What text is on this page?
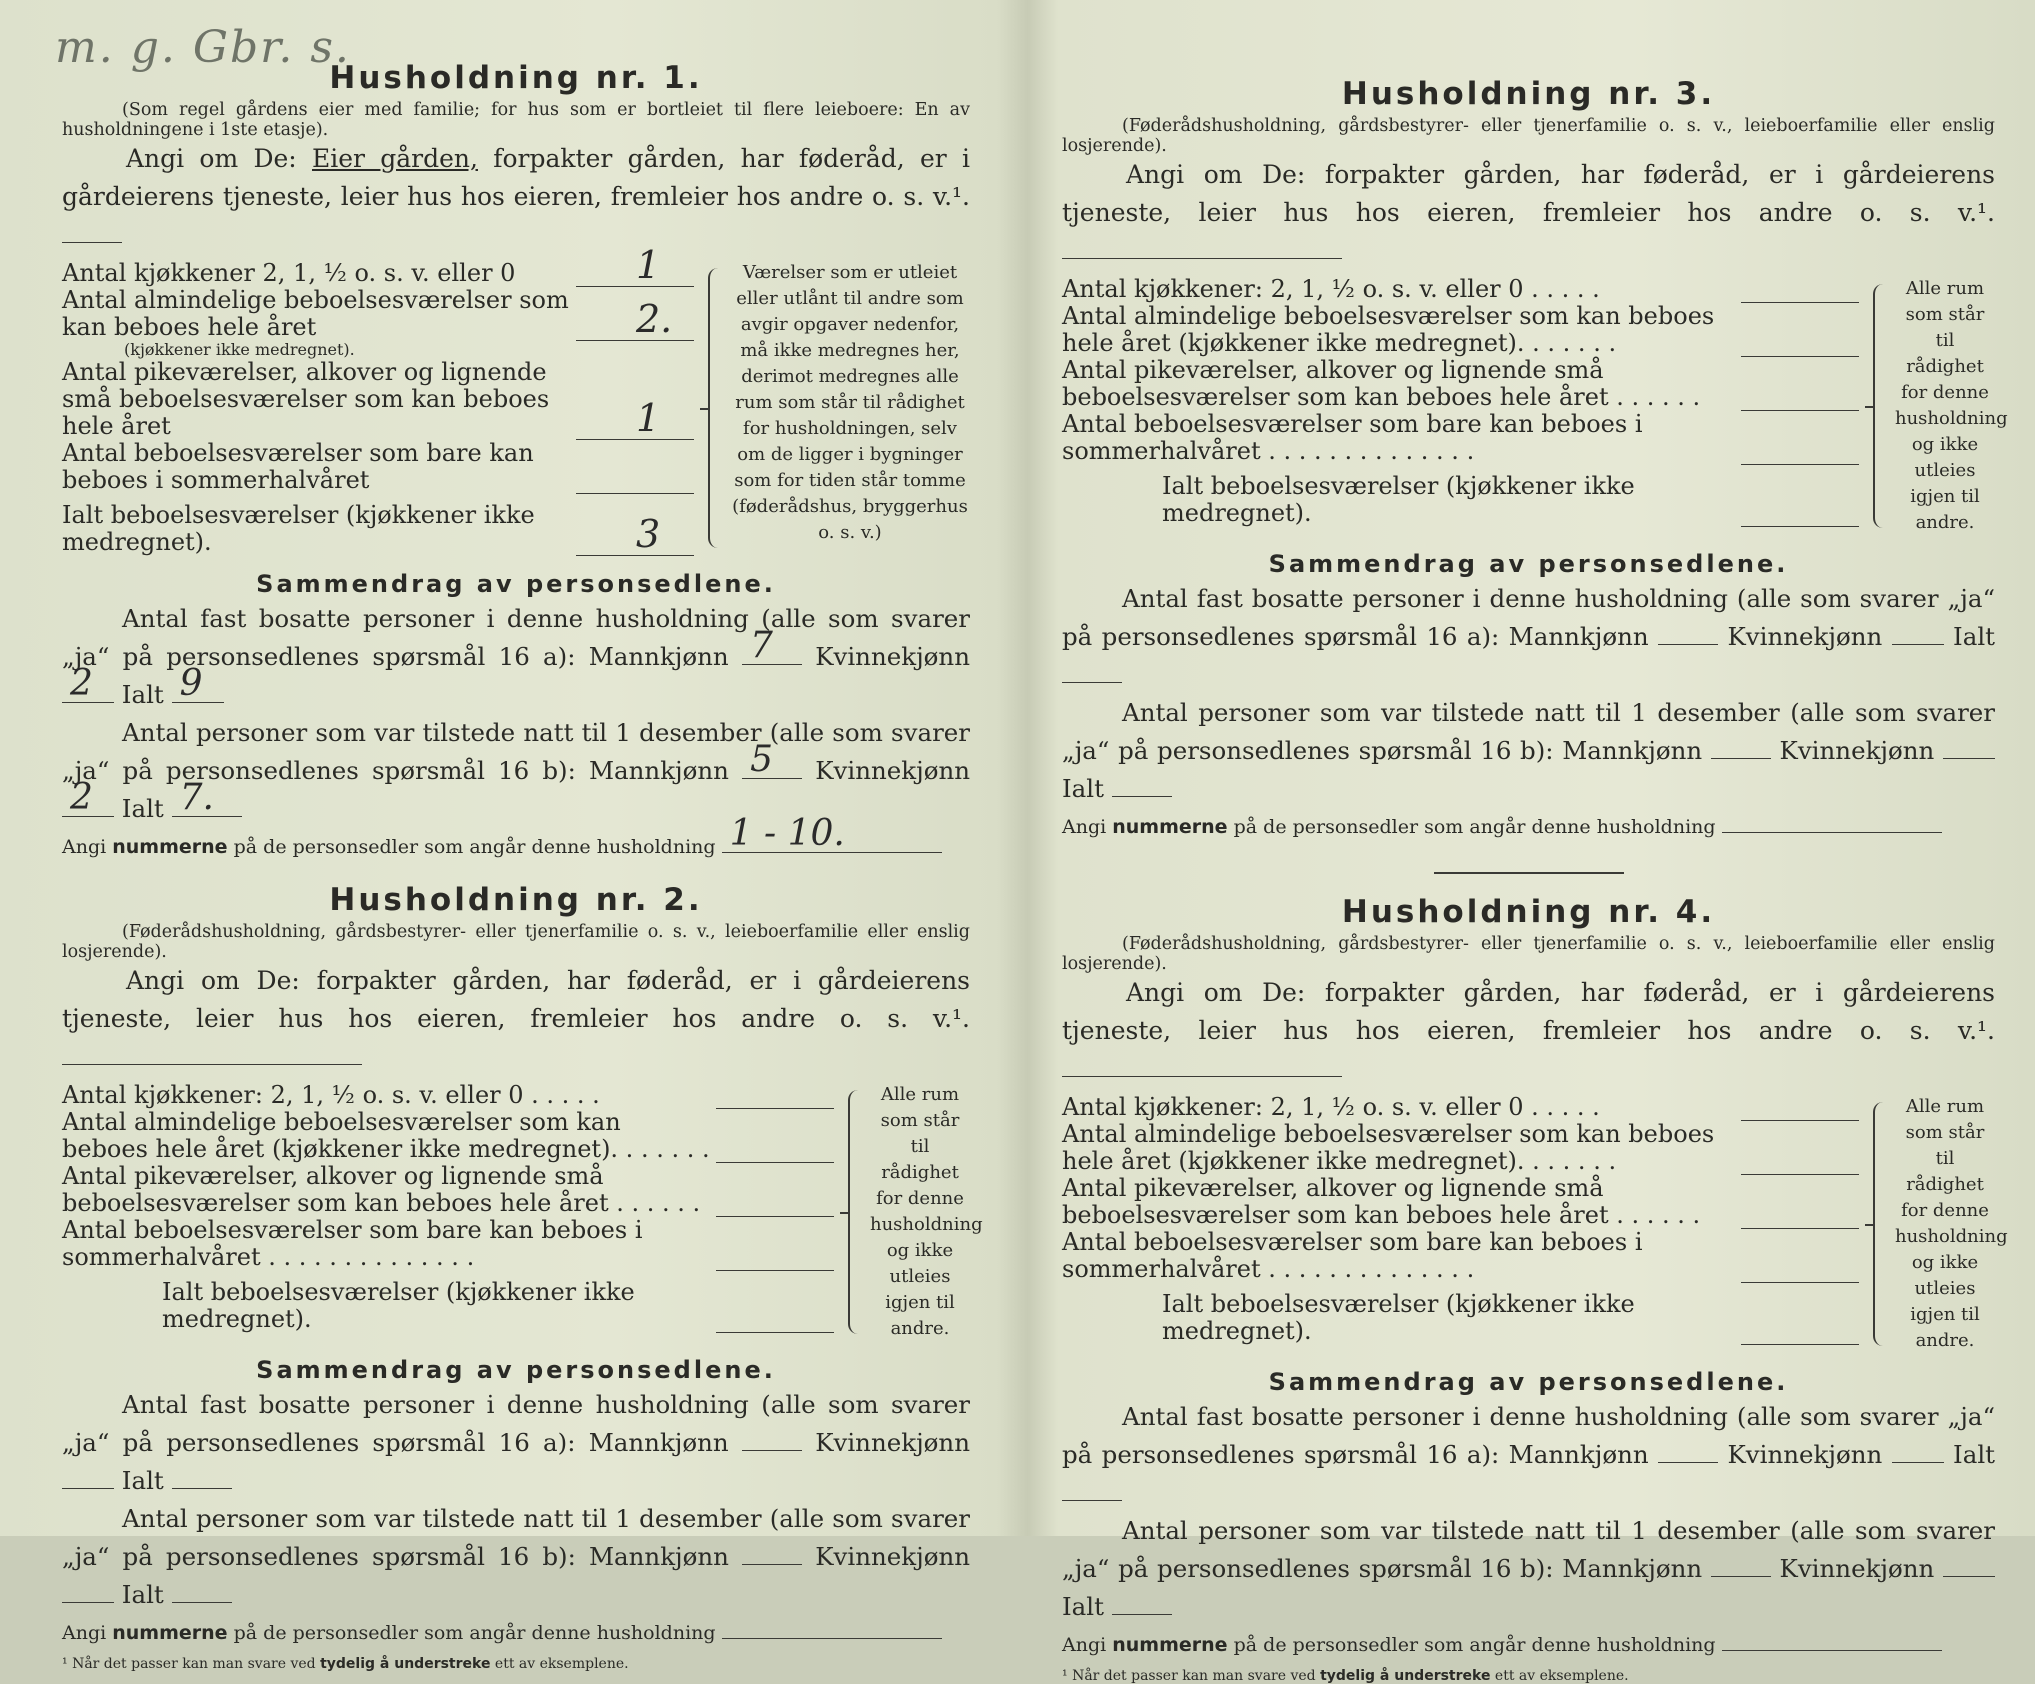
m. g. Gbr. s.
Husholdning nr. 1.
(Som regel gårdens eier med familie; for hus som er bortleiet til flere leieboere: En av husholdningene i 1ste etasje).
Angi om De: Eier gården, forpakter gården, har føderåd, er i gårdeierens tjeneste, leier hus hos eieren, fremleier hos andre o. s. v.¹.
Antal kjøkkener 2, 1, ½ o. s. v. eller 0	1
Antal almindelige beboelsesværelser som kan beboes hele året	2.
(kjøkkener ikke medregnet).
Antal pikeværelser, alkover og lignende små beboelsesværelser som kan beboes hele året	1
Antal beboelsesværelser som bare kan beboes i sommerhalvåret
Ialt beboelsesværelser (kjøkkener ikke medregnet).	3
Værelser som er utleiet eller utlånt til andre som avgir opgaver nedenfor, må ikke medregnes her, derimot medregnes alle rum som står til rådighet for husholdningen, selv om de ligger i bygninger som for tiden står tomme (føderådshus, bryggerhus o. s. v.)
Sammendrag av personsedlene.
Antal fast bosatte personer i denne husholdning (alle som svarer „ja“ på personsedlenes spørsmål 16 a): Mannkjønn 7 Kvinnekjønn
2 Ialt 9
Antal personer som var tilstede natt til 1 desember (alle som svarer „ja“ på personsedlenes spørsmål 16 b): Mannkjønn 5 Kvinnekjønn
2 Ialt 7.
Angi nummerne på de personsedler som angår denne husholdning 1 - 10.
Husholdning nr. 2.
(Føderådshusholdning, gårdsbestyrer- eller tjenerfamilie o. s. v., leieboerfamilie eller enslig losjerende).
Angi om De: forpakter gården, har føderåd, er i gårdeierens tjeneste, leier hus hos eieren, fremleier hos andre o. s. v.¹.
Antal kjøkkener: 2, 1, ½ o. s. v. eller 0 . . . . .
Antal almindelige beboelsesværelser som kan beboes hele året (kjøkkener ikke medregnet). . . . . . .
Antal pikeværelser, alkover og lignende små beboelsesværelser som kan beboes hele året . . . . . .
Antal beboelsesværelser som bare kan beboes i sommerhalvåret . . . . . . . . . . . . . .
Ialt beboelsesværelser (kjøkkener ikke medregnet).
Alle rum som står til rådighet for denne husholdning og ikke utleies igjen til andre.
Sammendrag av personsedlene.
Antal fast bosatte personer i denne husholdning (alle som svarer „ja“ på personsedlenes spørsmål 16 a): Mannkjønn	Kvinnekjønn  Ialt
Antal personer som var tilstede natt til 1 desember (alle som svarer „ja“ på personsedlenes spørsmål 16 b): Mannkjønn	Kvinnekjønn  Ialt
Angi nummerne på de personsedler som angår denne husholdning
¹ Når det passer kan man svare ved tydelig å understreke ett av eksemplene.
Husholdning nr. 3.
(Føderådshusholdning, gårdsbestyrer- eller tjenerfamilie o. s. v., leieboerfamilie eller enslig losjerende).
Angi om De: forpakter gården, har føderåd, er i gårdeierens tjeneste, leier hus hos eieren, fremleier hos andre o. s. v.¹.
Antal kjøkkener: 2, 1, ½ o. s. v. eller 0 . . . . .
Antal almindelige beboelsesværelser som kan beboes hele året (kjøkkener ikke medregnet). . . . . . .
Antal pikeværelser, alkover og lignende små beboelsesværelser som kan beboes hele året . . . . . .
Antal beboelsesværelser som bare kan beboes i sommerhalvåret . . . . . . . . . . . . . .
Ialt beboelsesværelser (kjøkkener ikke medregnet).
Alle rum som står til rådighet for denne husholdning og ikke utleies igjen til andre.
Sammendrag av personsedlene.
Antal fast bosatte personer i denne husholdning (alle som svarer „ja“ på personsedlenes spørsmål 16 a): Mannkjønn	Kvinnekjønn	Ialt
Antal personer som var tilstede natt til 1 desember (alle som svarer „ja“ på personsedlenes spørsmål 16 b): Mannkjønn	Kvinnekjønn  Ialt
Angi nummerne på de personsedler som angår denne husholdning
Husholdning nr. 4.
(Føderådshusholdning, gårdsbestyrer- eller tjenerfamilie o. s. v., leieboerfamilie eller enslig losjerende).
Angi om De: forpakter gården, har føderåd, er i gårdeierens tjeneste, leier hus hos eieren, fremleier hos andre o. s. v.¹.
Antal kjøkkener: 2, 1, ½ o. s. v. eller 0 . . . . .
Antal almindelige beboelsesværelser som kan beboes hele året (kjøkkener ikke medregnet). . . . . . .
Antal pikeværelser, alkover og lignende små beboelsesværelser som kan beboes hele året . . . . . .
Antal beboelsesværelser som bare kan beboes i sommerhalvåret . . . . . . . . . . . . . .
Ialt beboelsesværelser (kjøkkener ikke medregnet).
Alle rum som står til rådighet for denne husholdning og ikke utleies igjen til andre.
Sammendrag av personsedlene.
Antal fast bosatte personer i denne husholdning (alle som svarer „ja“ på personsedlenes spørsmål 16 a): Mannkjønn	Kvinnekjønn	Ialt
Antal personer som var tilstede natt til 1 desember (alle som svarer „ja“ på personsedlenes spørsmål 16 b): Mannkjønn	Kvinnekjønn  Ialt
Angi nummerne på de personsedler som angår denne husholdning
¹ Når det passer kan man svare ved tydelig å understreke ett av eksemplene.
